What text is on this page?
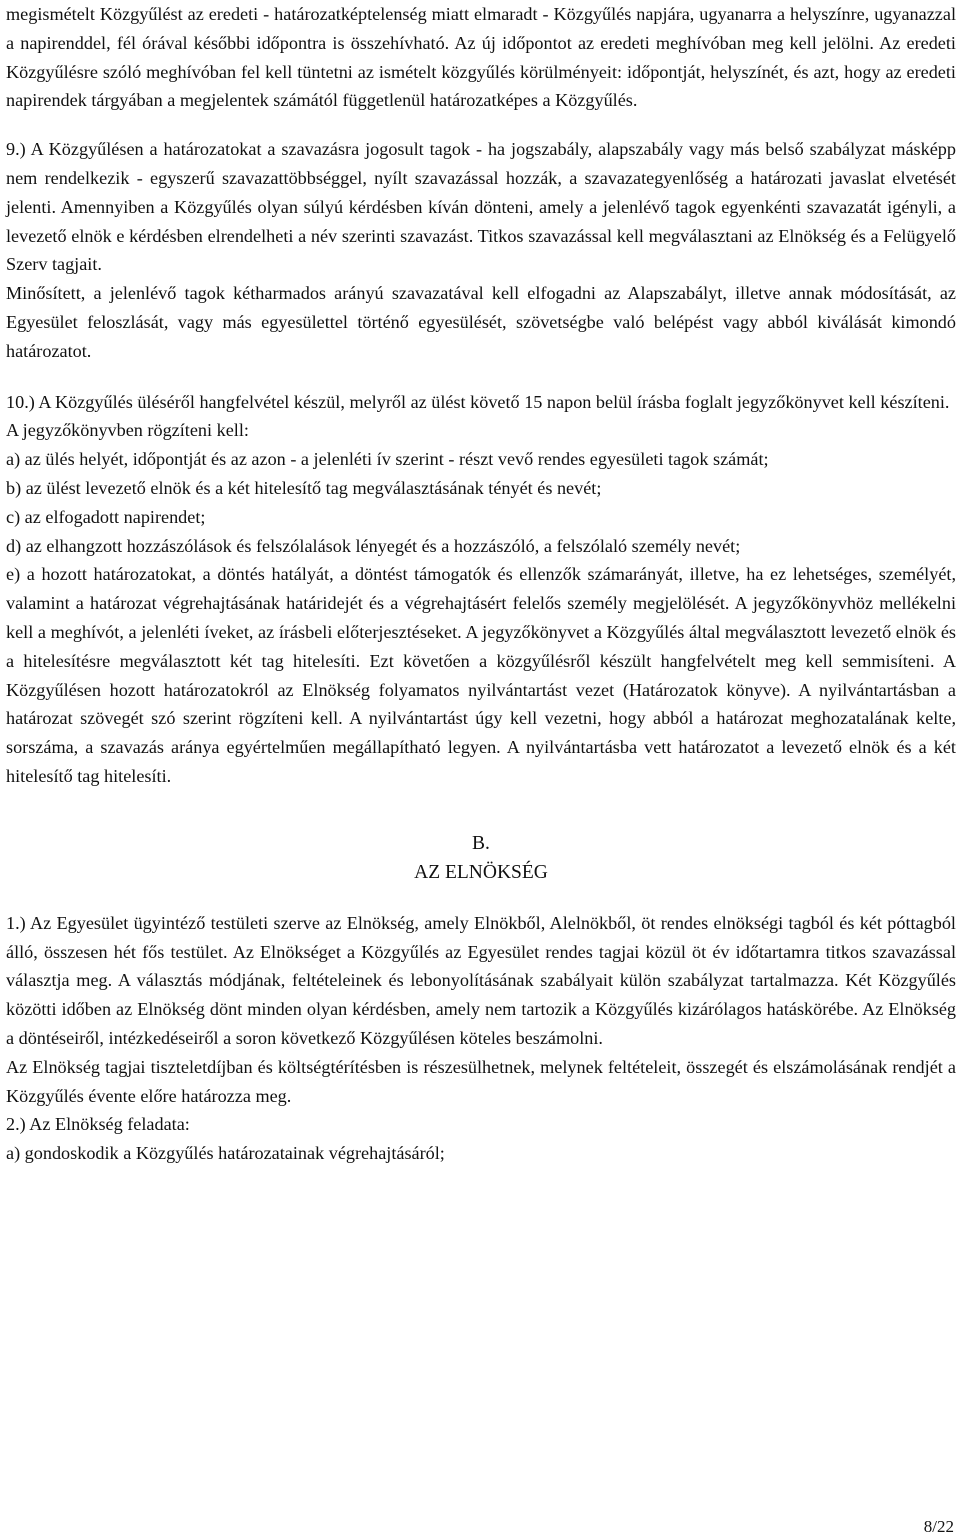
megismételt Közgyűlést az eredeti - határozatképtelenség miatt elmaradt - Közgyűlés napjára, ugyanarra a helyszínre, ugyanazzal a napirenddel, fél órával későbbi időpontra is összehívható. Az új időpontot az eredeti meghívóban meg kell jelölni. Az eredeti Közgyűlésre szóló meghívóban fel kell tüntetni az ismételt közgyűlés körülményeit: időpontját, helyszínét, és azt, hogy az eredeti napirendek tárgyában a megjelentek számától függetlenül határozatképes a Közgyűlés.

9.) A Közgyűlésen a határozatokat a szavazásra jogosult tagok - ha jogszabály, alapszabály vagy más belső szabályzat másképp nem rendelkezik - egyszerű szavazattöbbséggel, nyílt szavazással hozzák, a szavazategyenlőség a határozati javaslat elvetését jelenti. Amennyiben a Közgyűlés olyan súlyú kérdésben kíván dönteni, amely a jelenlévő tagok egyenkénti szavazatát igényli, a levezető elnök e kérdésben elrendelheti a név szerinti szavazást. Titkos szavazással kell megválasztani az Elnökség és a Felügyelő Szerv tagjait.

Minősített, a jelenlévő tagok kétharmados arányú szavazatával kell elfogadni az Alapszabályt, illetve annak módosítását, az Egyesület feloszlását, vagy más egyesülettel történő egyesülését, szövetségbe való belépést vagy abból kiválását kimondó határozatot.

10.) A Közgyűlés üléséről hangfelvétel készül, melyről az ülést követő 15 napon belül írásba foglalt jegyzőkönyvet kell készíteni.

A jegyzőkönyvben rögzíteni kell:

a) az ülés helyét, időpontját és az azon - a jelenléti ív szerint - részt vevő rendes egyesületi tagok számát;

b) az ülést levezető elnök és a két hitelesítő tag megválasztásának tényét és nevét;

c) az elfogadott napirendet;

d) az elhangzott hozzászólások és felszólalások lényegét és a hozzászóló, a felszólaló személy nevét;

e) a hozott határozatokat, a döntés hatályát, a döntést támogatók és ellenzők számarányát, illetve, ha ez lehetséges, személyét, valamint a határozat végrehajtásának határidejét és a végrehajtásért felelős személy megjelölését. A jegyzőkönyvhöz mellékelni kell a meghívót, a jelenléti íveket, az írásbeli előterjesztéseket. A jegyzőkönyvet a Közgyűlés által megválasztott levezető elnök és a hitelesítésre megválasztott két tag hitelesíti. Ezt követően a közgyűlésről készült hangfelvételt meg kell semmisíteni. A Közgyűlésen hozott határozatokról az Elnökség folyamatos nyilvántartást vezet (Határozatok könyve). A nyilvántartásban a határozat szövegét szó szerint rögzíteni kell. A nyilvántartást úgy kell vezetni, hogy abból a határozat meghozatalának kelte, sorszáma, a szavazás aránya egyértelműen megállapítható legyen. A nyilvántartásba vett határozatot a levezető elnök és a két hitelesítő tag hitelesíti.

B.

AZ ELNÖKSÉG

1.) Az Egyesület ügyintéző testületi szerve az Elnökség, amely Elnökből, Alelnökből, öt rendes elnökségi tagból és két póttagból álló, összesen hét fős testület. Az Elnökséget a Közgyűlés az Egyesület rendes tagjai közül öt év időtartamra titkos szavazással választja meg. A választás módjának, feltételeinek és lebonyolításának szabályait külön szabályzat tartalmazza. Két Közgyűlés közötti időben az Elnökség dönt minden olyan kérdésben, amely nem tartozik a Közgyűlés kizárólagos hatáskörébe. Az Elnökség a döntéseiről, intézkedéseiről a soron következő Közgyűlésen köteles beszámolni.

Az Elnökség tagjai tiszteletdíjban és költségtérítésben is részesülhetnek, melynek feltételeit, összegét és elszámolásának rendjét a Közgyűlés évente előre határozza meg.

2.) Az Elnökség feladata:

a) gondoskodik a Közgyűlés határozatainak végrehajtásáról;

8/22
